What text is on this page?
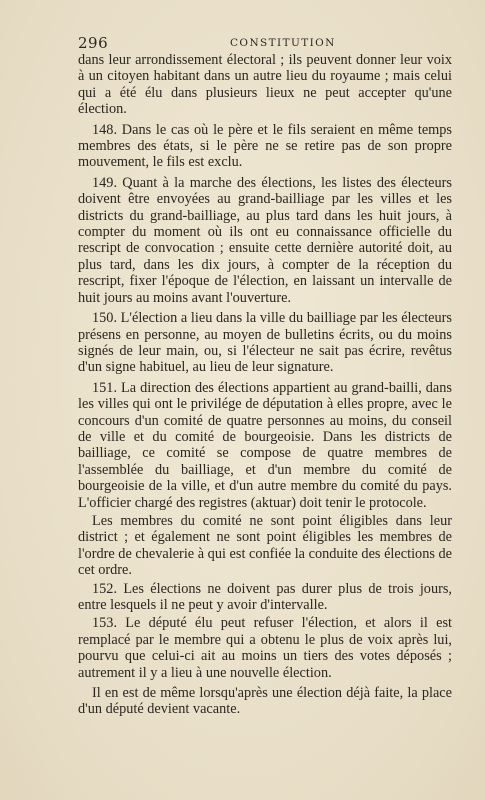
296	CONSTITUTION

dans leur arrondissement électoral ; ils peuvent donner leur voix à un citoyen habitant dans un autre lieu du royaume ; mais celui qui a été élu dans plusieurs lieux ne peut accepter qu'une élection.

148. Dans le cas où le père et le fils seraient en même temps membres des états, si le père ne se retire pas de son propre mouvement, le fils est exclu.

149. Quant à la marche des élections, les listes des électeurs doivent être envoyées au grand-bailliage par les villes et les districts du grand-bailliage, au plus tard dans les huit jours, à compter du moment où ils ont eu connaissance officielle du rescript de convocation ; ensuite cette dernière autorité doit, au plus tard, dans les dix jours, à compter de la réception du rescript, fixer l'époque de l'élection, en laissant un intervalle de huit jours au moins avant l'ouverture.

150. L'élection a lieu dans la ville du bailliage par les électeurs présens en personne, au moyen de bulletins écrits, ou du moins signés de leur main, ou, si l'électeur ne sait pas écrire, revêtus d'un signe habituel, au lieu de leur signature.

151. La direction des élections appartient au grand-bailli, dans les villes qui ont le privilége de députation à elles propre, avec le concours d'un comité de quatre personnes au moins, du conseil de ville et du comité de bourgeoisie. Dans les districts de bailliage, ce comité se compose de quatre membres de l'assemblée du bailliage, et d'un membre du comité de bourgeoisie de la ville, et d'un autre membre du comité du pays. L'officier chargé des registres (aktuar) doit tenir le protocole.

Les membres du comité ne sont point éligibles dans leur district ; et également ne sont point éligibles les membres de l'ordre de chevalerie à qui est confiée la conduite des élections de cet ordre.

152. Les élections ne doivent pas durer plus de trois jours, entre lesquels il ne peut y avoir d'intervalle.

153. Le député élu peut refuser l'élection, et alors il est remplacé par le membre qui a obtenu le plus de voix après lui, pourvu que celui-ci ait au moins un tiers des votes déposés ; autrement il y a lieu à une nouvelle élection.

Il en est de même lorsqu'après une élection déjà faite, la place d'un député devient vacante.
